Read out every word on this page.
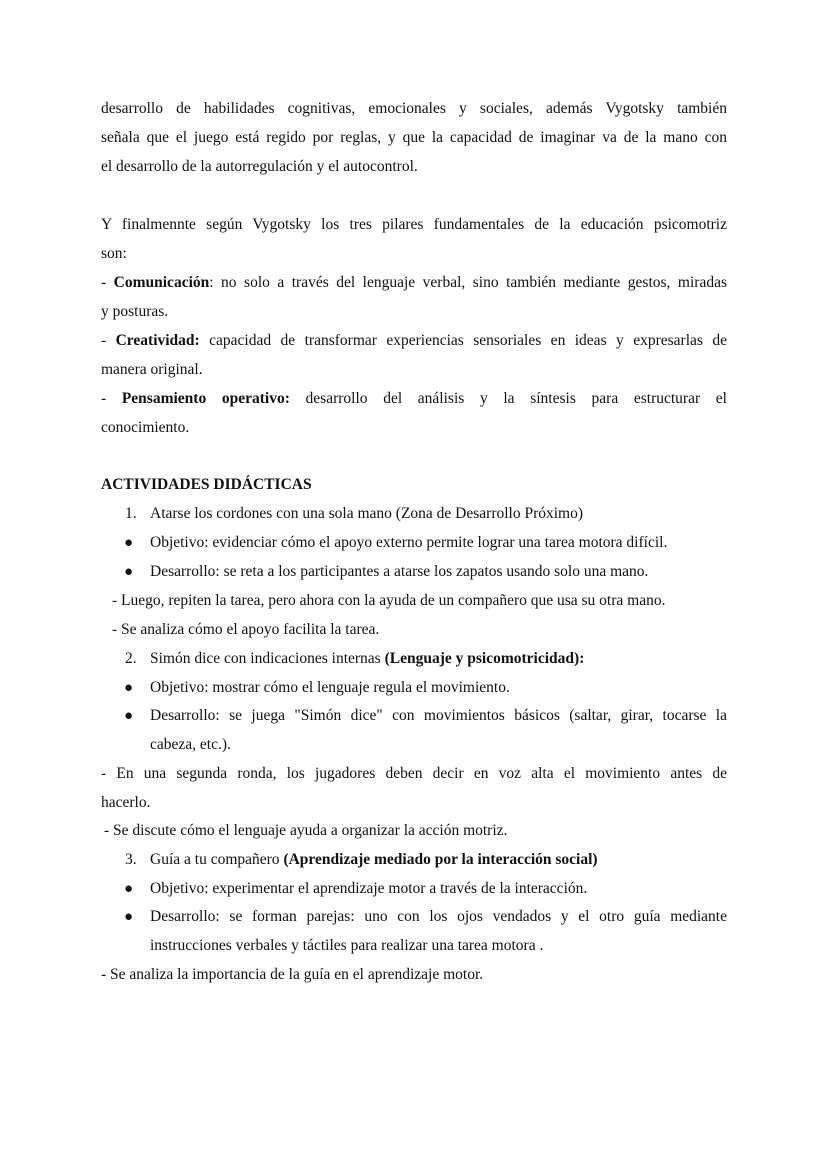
desarrollo de habilidades cognitivas, emocionales y sociales, además Vygotsky también

señala que el juego está regido por reglas, y que la capacidad de imaginar va de la mano con

el desarrollo de la autorregulación y el autocontrol.

Y finalmennte según Vygotsky los tres pilares fundamentales de la educación psicomotriz

son:

- Comunicación: no solo a través del lenguaje verbal, sino también mediante gestos, miradas

y posturas.

- Creatividad: capacidad de transformar experiencias sensoriales en ideas y expresarlas de

manera original.

- Pensamiento operativo: desarrollo del análisis y la síntesis para estructurar el

conocimiento.

ACTIVIDADES DIDÁCTICAS

1. Atarse los cordones con una sola mano (Zona de Desarrollo Próximo)
● Objetivo: evidenciar cómo el apoyo externo permite lograr una tarea motora difícil.
● Desarrollo: se reta a los participantes a atarse los zapatos usando solo una mano.

- Luego, repiten la tarea, pero ahora con la ayuda de un compañero que usa su otra mano.

- Se analiza cómo el apoyo facilita la tarea.

2. Simón dice con indicaciones internas (Lenguaje y psicomotricidad):
● Objetivo: mostrar cómo el lenguaje regula el movimiento.
● Desarrollo: se juega "Simón dice" con movimientos básicos (saltar, girar, tocarse la

cabeza, etc.).

- En una segunda ronda, los jugadores deben decir en voz alta el movimiento antes de

hacerlo.

- Se discute cómo el lenguaje ayuda a organizar la acción motriz.

3. Guía a tu compañero (Aprendizaje mediado por la interacción social)
● Objetivo: experimentar el aprendizaje motor a través de la interacción.
● Desarrollo: se forman parejas: uno con los ojos vendados y el otro guía mediante

instrucciones verbales y táctiles para realizar una tarea motora .

- Se analiza la importancia de la guía en el aprendizaje motor.
